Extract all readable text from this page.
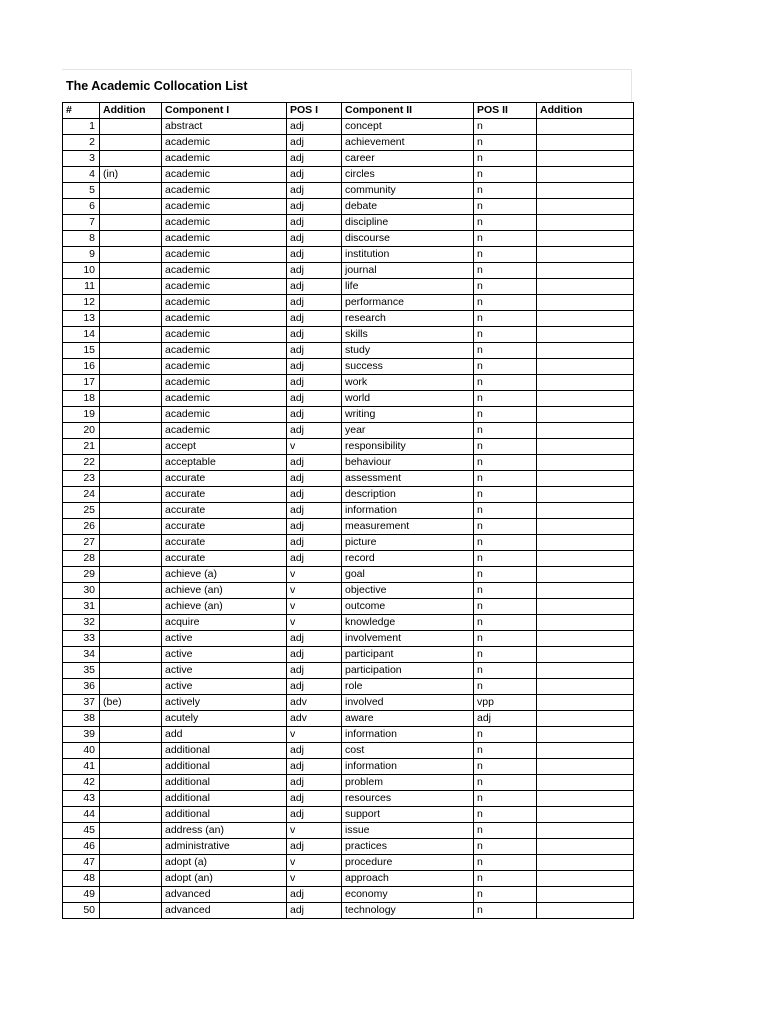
The Academic Collocation List
#	Addition	Component I	POS I	Component II	POS II	Addition
1		abstract	adj	concept	n	
2		academic	adj	achievement	n	
3		academic	adj	career	n	
4	(in)	academic	adj	circles	n	
5		academic	adj	community	n	
6		academic	adj	debate	n	
7		academic	adj	discipline	n	
8		academic	adj	discourse	n	
9		academic	adj	institution	n	
10		academic	adj	journal	n	
11		academic	adj	life	n	
12		academic	adj	performance	n	
13		academic	adj	research	n	
14		academic	adj	skills	n	
15		academic	adj	study	n	
16		academic	adj	success	n	
17		academic	adj	work	n	
18		academic	adj	world	n	
19		academic	adj	writing	n	
20		academic	adj	year	n	
21		accept	v	responsibility	n	
22		acceptable	adj	behaviour	n	
23		accurate	adj	assessment	n	
24		accurate	adj	description	n	
25		accurate	adj	information	n	
26		accurate	adj	measurement	n	
27		accurate	adj	picture	n	
28		accurate	adj	record	n	
29		achieve (a)	v	goal	n	
30		achieve (an)	v	objective	n	
31		achieve (an)	v	outcome	n	
32		acquire	v	knowledge	n	
33		active	adj	involvement	n	
34		active	adj	participant	n	
35		active	adj	participation	n	
36		active	adj	role	n	
37	(be)	actively	adv	involved	vpp	
38		acutely	adv	aware	adj	
39		add	v	information	n	
40		additional	adj	cost	n	
41		additional	adj	information	n	
42		additional	adj	problem	n	
43		additional	adj	resources	n	
44		additional	adj	support	n	
45		address (an)	v	issue	n	
46		administrative	adj	practices	n	
47		adopt (a)	v	procedure	n	
48		adopt (an)	v	approach	n	
49		advanced	adj	economy	n	
50		advanced	adj	technology	n	
